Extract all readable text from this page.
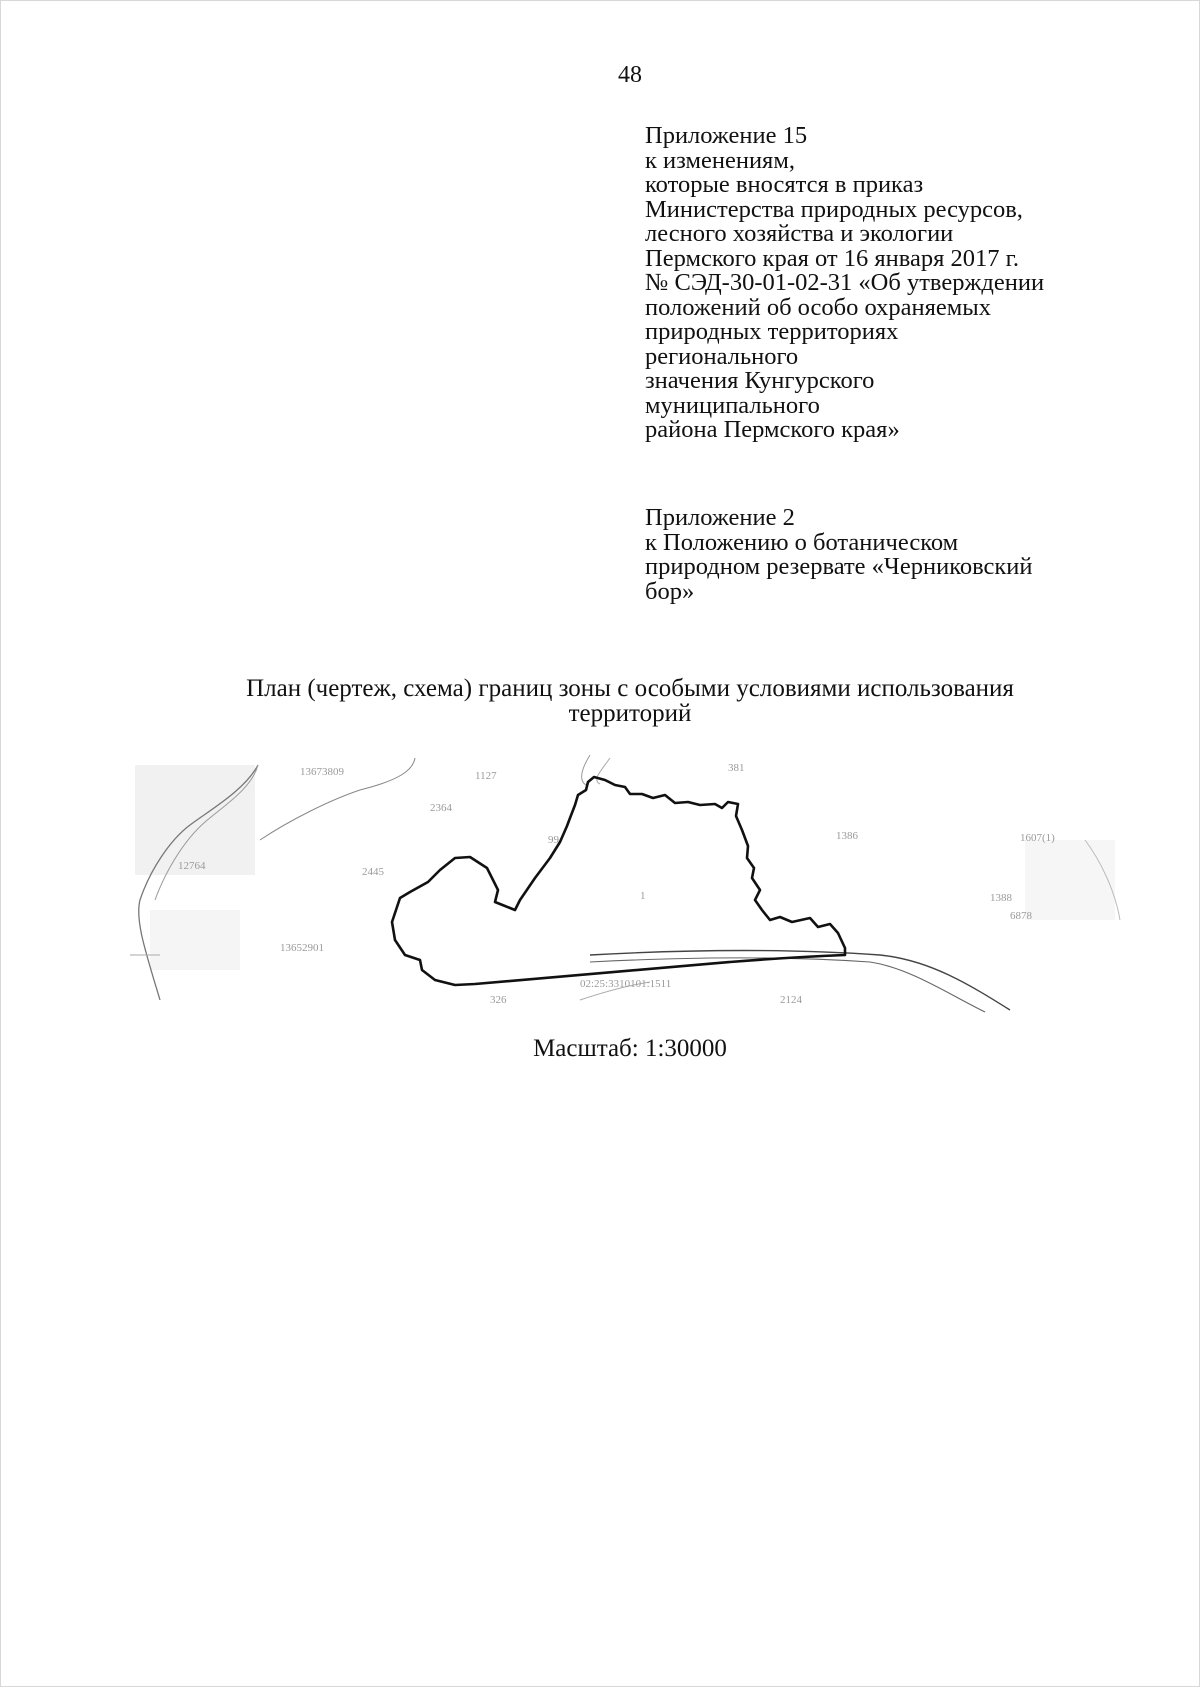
48
Приложение 15
к изменениям,
которые вносятся в приказ
Министерства природных ресурсов,
лесного хозяйства и экологии
Пермского края от 16 января 2017 г.
№ СЭД-30-01-02-31 «Об утверждении
положений об особо охраняемых
природных территориях
регионального
значения Кунгурского
муниципального
района Пермского края»
Приложение 2
к Положению о ботаническом
природном резервате «Черниковский
бор»
План (чертеж, схема) границ зоны с особыми условиями использования
территорий
13673809	1127
381
2364
1386	1607(1)
12764	2445
99
1	1388
6878
13652901
02:25:3310101:1511
326	2124
Масштаб: 1:30000
